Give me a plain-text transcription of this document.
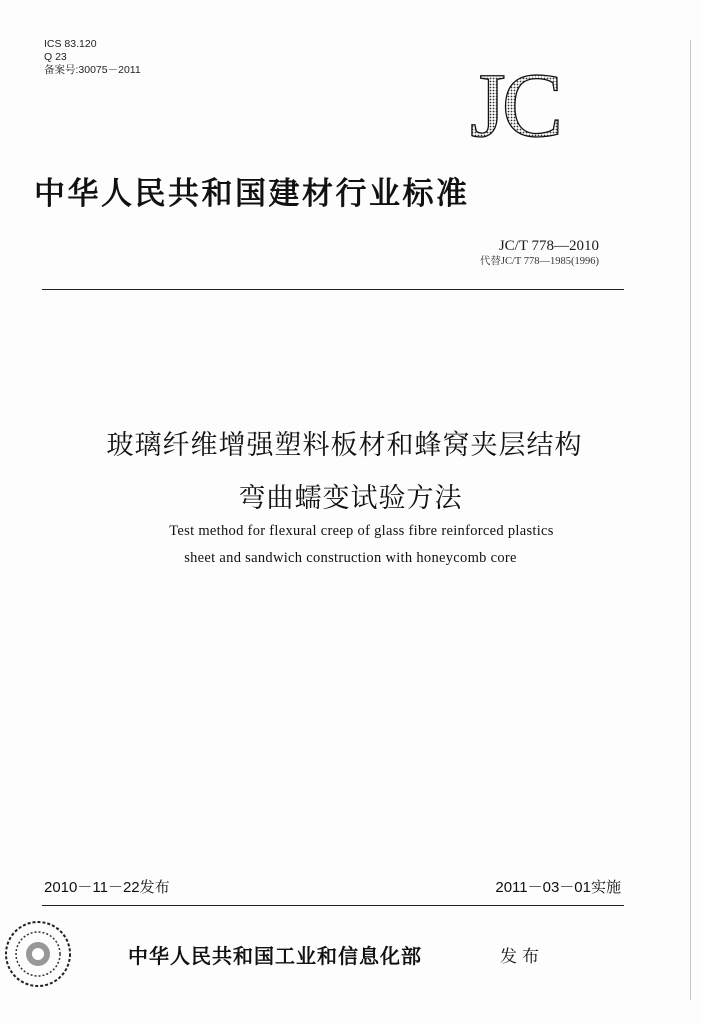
ICS 83.120
Q 23
备案号:30075－2011	JC
中华人民共和国建材行业标准
JC/T 778—2010
代替JC/T 778—1985(1996)
玻璃纤维增强塑料板材和蜂窝夹层结构
弯曲蠕变试验方法
Test method for flexural creep of glass fibre reinforced plastics
sheet and sandwich construction with honeycomb core
2010－11－22发布	2011－03－01实施
中华人民共和国工业和信息化部	发布
